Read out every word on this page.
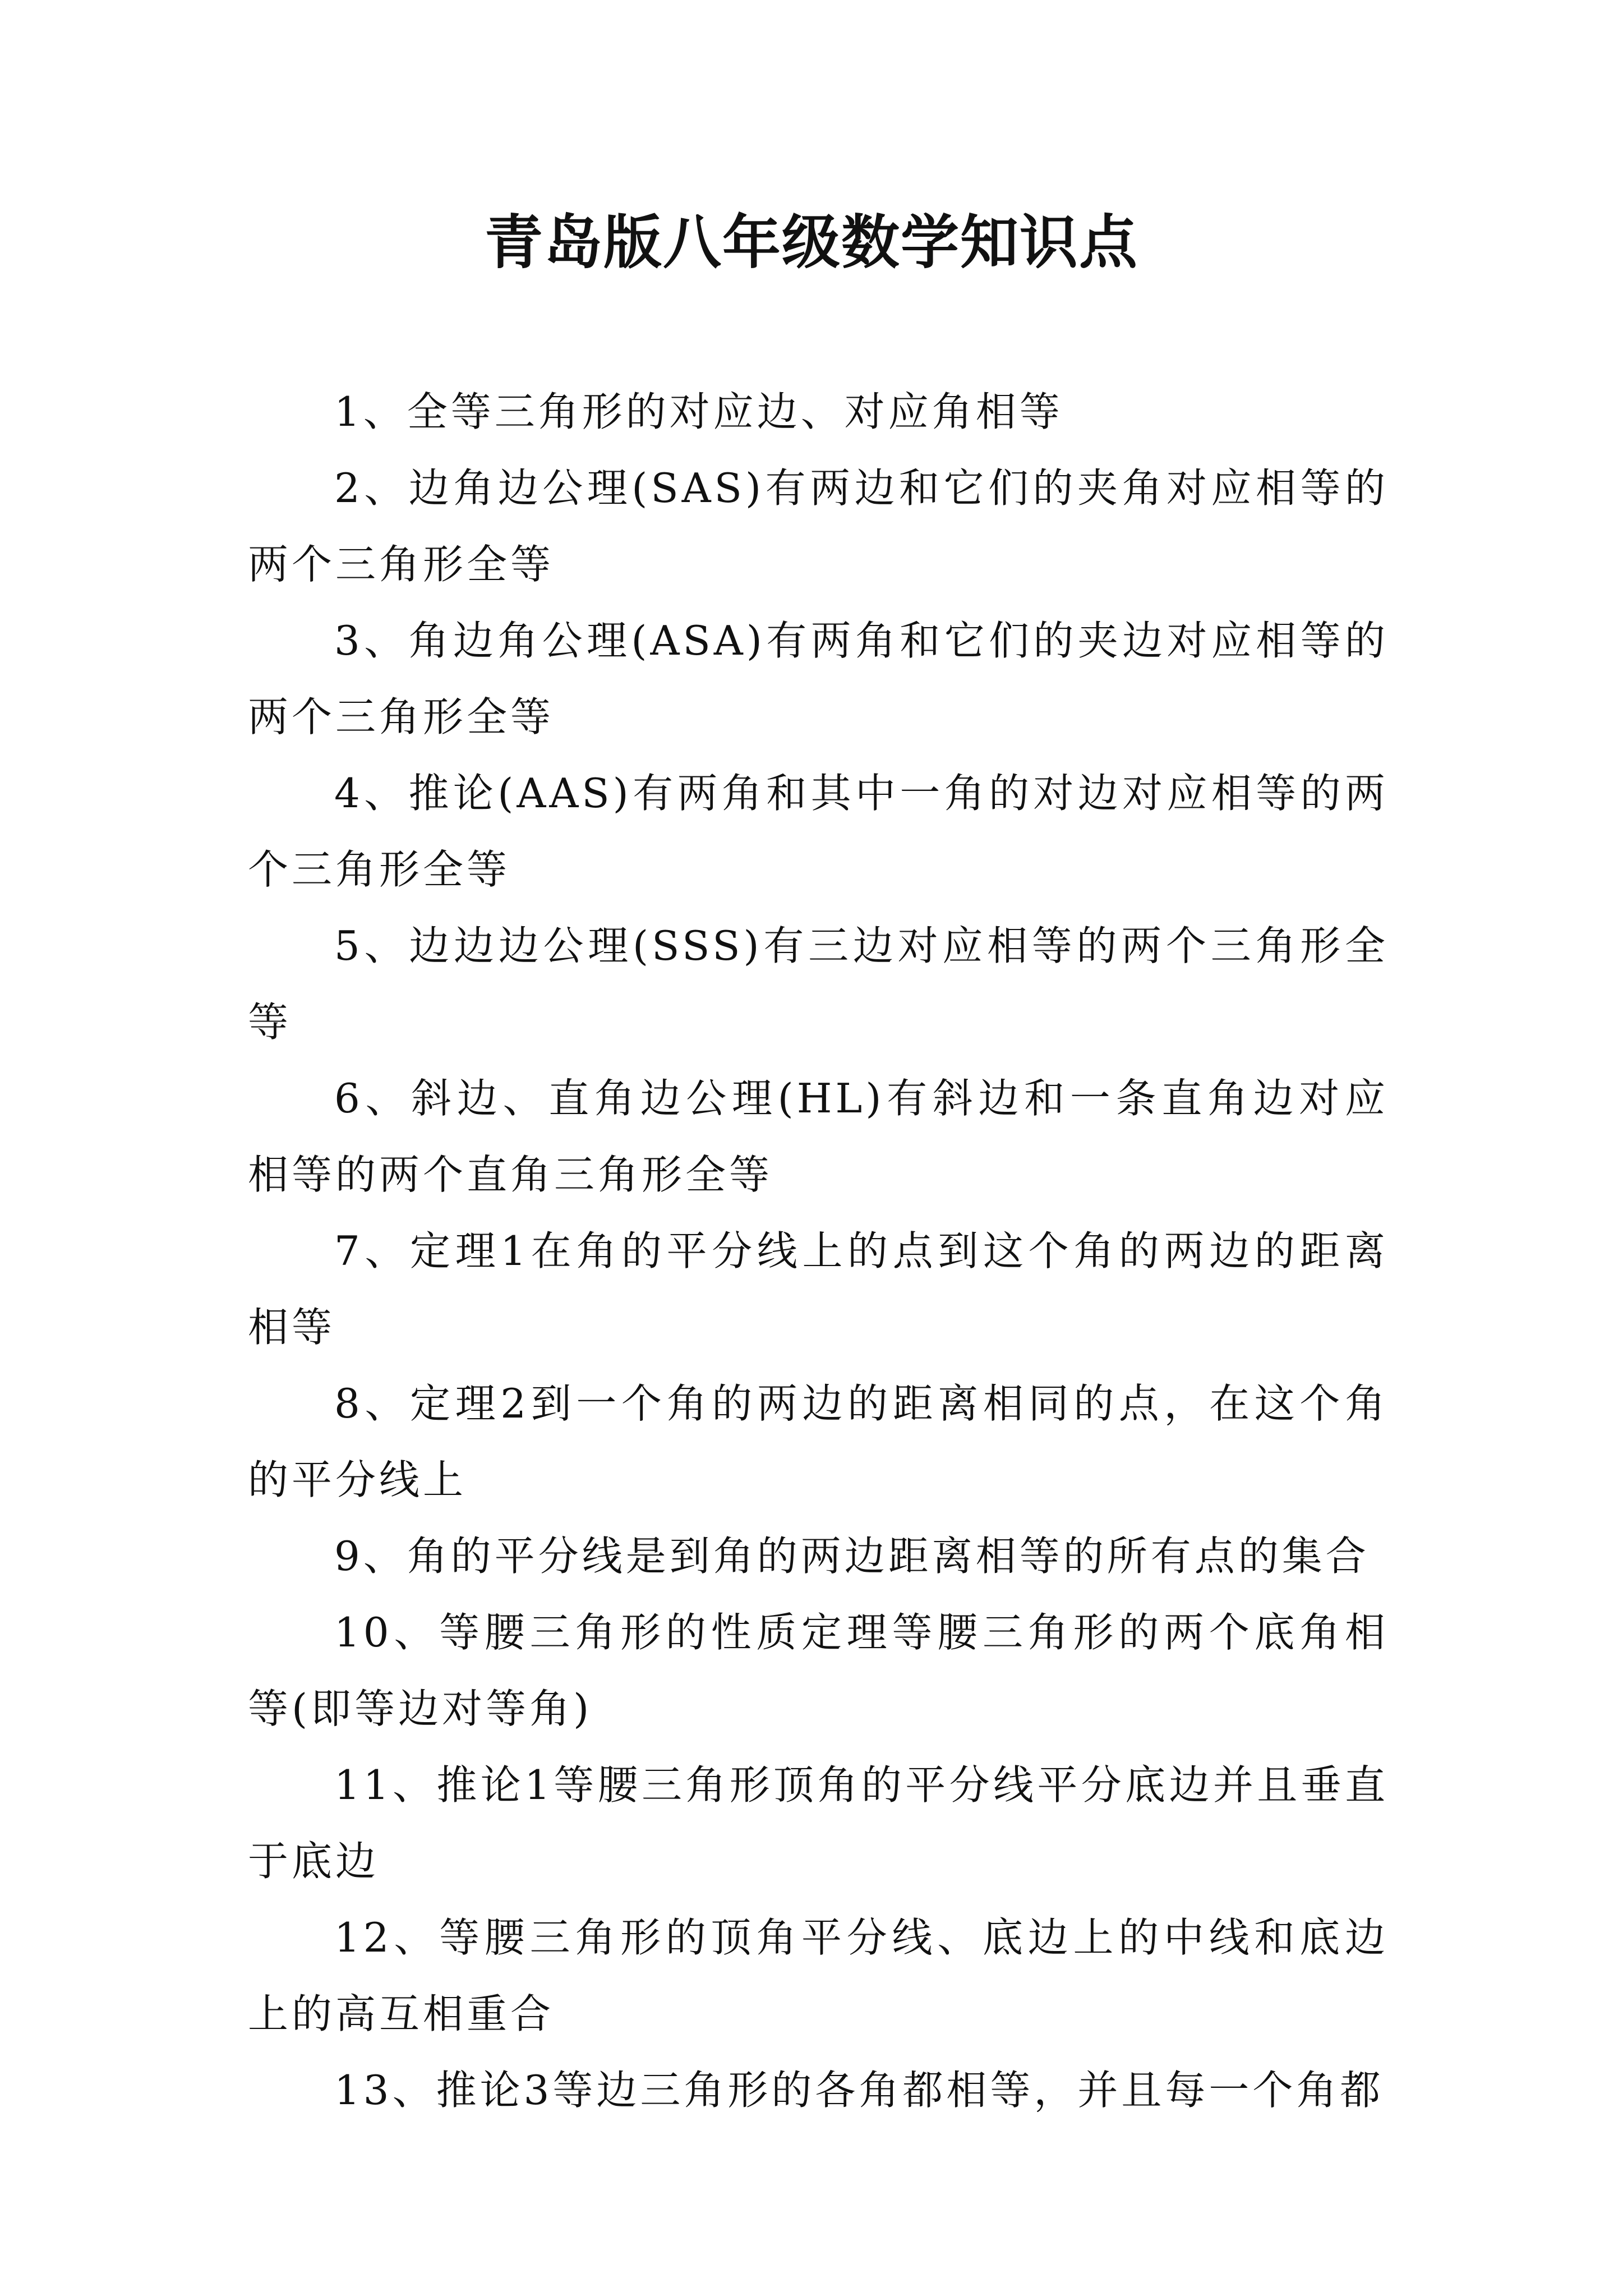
青岛版八年级数学知识点

1、全等三角形的对应边、对应角相等

2、边角边公理(SAS)有两边和它们的夹角对应相等的两个三角形全等

3、角边角公理(ASA)有两角和它们的夹边对应相等的两个三角形全等

4、推论(AAS)有两角和其中一角的对边对应相等的两个三角形全等

5、边边边公理(SSS)有三边对应相等的两个三角形全等

6、斜边、直角边公理(HL)有斜边和一条直角边对应相等的两个直角三角形全等

7、定理1在角的平分线上的点到这个角的两边的距离相等

8、定理2到一个角的两边的距离相同的点，在这个角的平分线上

9、角的平分线是到角的两边距离相等的所有点的集合

10、等腰三角形的性质定理等腰三角形的两个底角相等(即等边对等角)

11、推论1等腰三角形顶角的平分线平分底边并且垂直于底边

12、等腰三角形的顶角平分线、底边上的中线和底边上的高互相重合

13、推论3等边三角形的各角都相等，并且每一个角都
